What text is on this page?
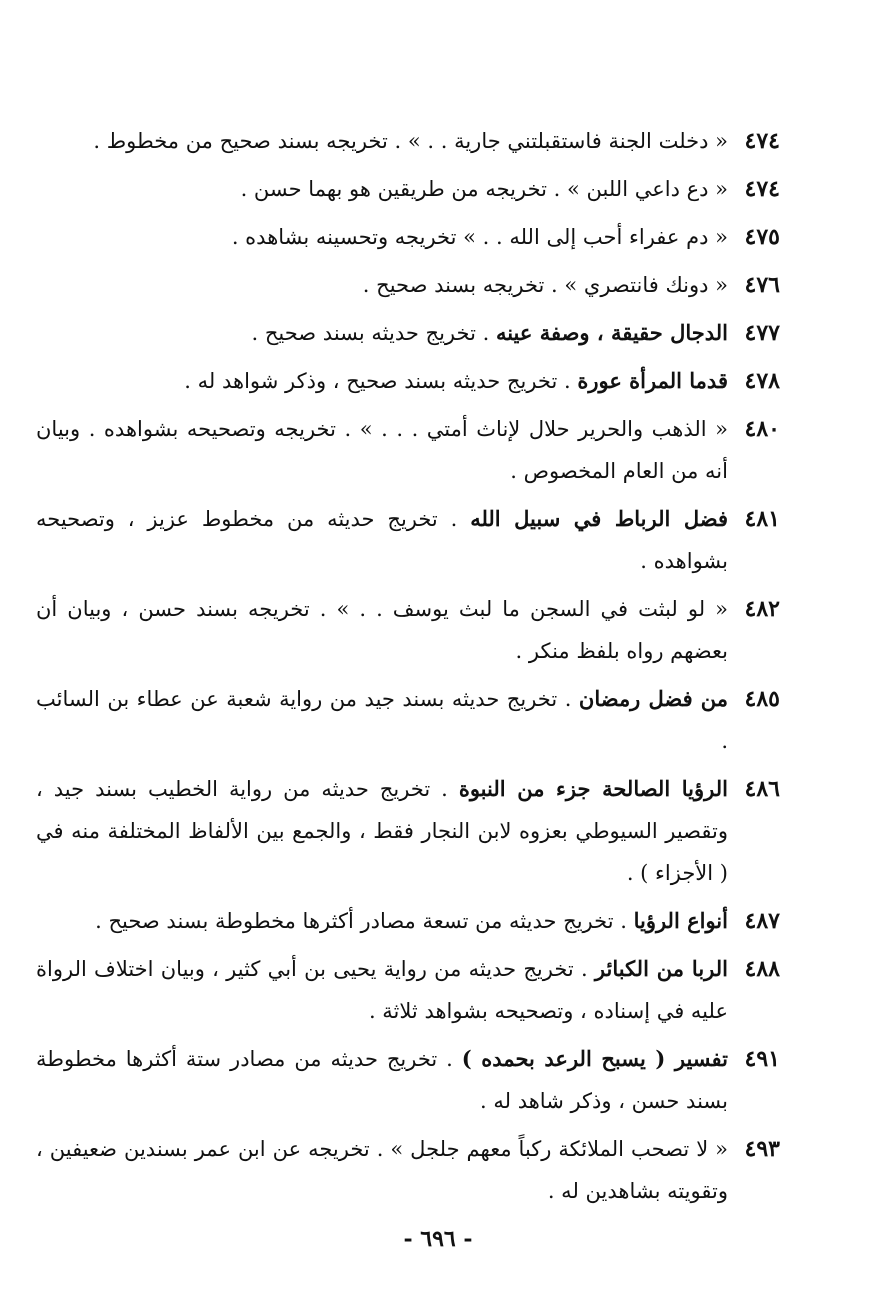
٤٧٤
« دخلت الجنة فاستقبلتني جارية . . » . تخريجه بسند صحيح من مخطوط .
٤٧٤
« دع داعي اللبن » . تخريجه من طريقين هو بهما حسن .
٤٧٥
« دم عفراء أحب إلى الله . . » تخريجه وتحسينه بشاهده .
٤٧٦
« دونك فانتصري » . تخريجه بسند صحيح .
٤٧٧
الدجال حقيقة ، وصفة عينه . تخريج حديثه بسند صحيح .
٤٧٨
قدما المرأة عورة . تخريج حديثه بسند صحيح ، وذكر شواهد له .
٤٨٠
« الذهب والحرير حلال لإناث أمتي . . . » . تخريجه وتصحيحه بشواهده . وبيان أنه من العام المخصوص .
٤٨١
فضل الرباط في سبيل الله . تخريج حديثه من مخطوط عزيز ، وتصحيحه بشواهده .
٤٨٢
« لو لبثت في السجن ما لبث يوسف . . » . تخريجه بسند حسن ، وبيان أن بعضهم رواه بلفظ منكر .
٤٨٥
من فضل رمضان . تخريج حديثه بسند جيد من رواية شعبة عن عطاء بن السائب .
٤٨٦
الرؤيا الصالحة جزء من النبوة . تخريج حديثه من رواية الخطيب بسند جيد ، وتقصير السيوطي بعزوه لابن النجار فقط ، والجمع بين الألفاظ المختلفة منه في ( الأجزاء ) .
٤٨٧
أنواع الرؤيا . تخريج حديثه من تسعة مصادر أكثرها مخطوطة بسند صحيح .
٤٨٨
الربا من الكبائر . تخريج حديثه من رواية يحيى بن أبي كثير ، وبيان اختلاف الرواة عليه في إسناده ، وتصحيحه بشواهد ثلاثة .
٤٩١
تفسير ( يسبح الرعد بحمده ) . تخريج حديثه من مصادر ستة أكثرها مخطوطة بسند حسن ، وذكر شاهد له .
٤٩٣
« لا تصحب الملائكة ركباً معهم جلجل » . تخريجه عن ابن عمر بسندين ضعيفين ، وتقويته بشاهدين له .
- ٦٩٦ -
